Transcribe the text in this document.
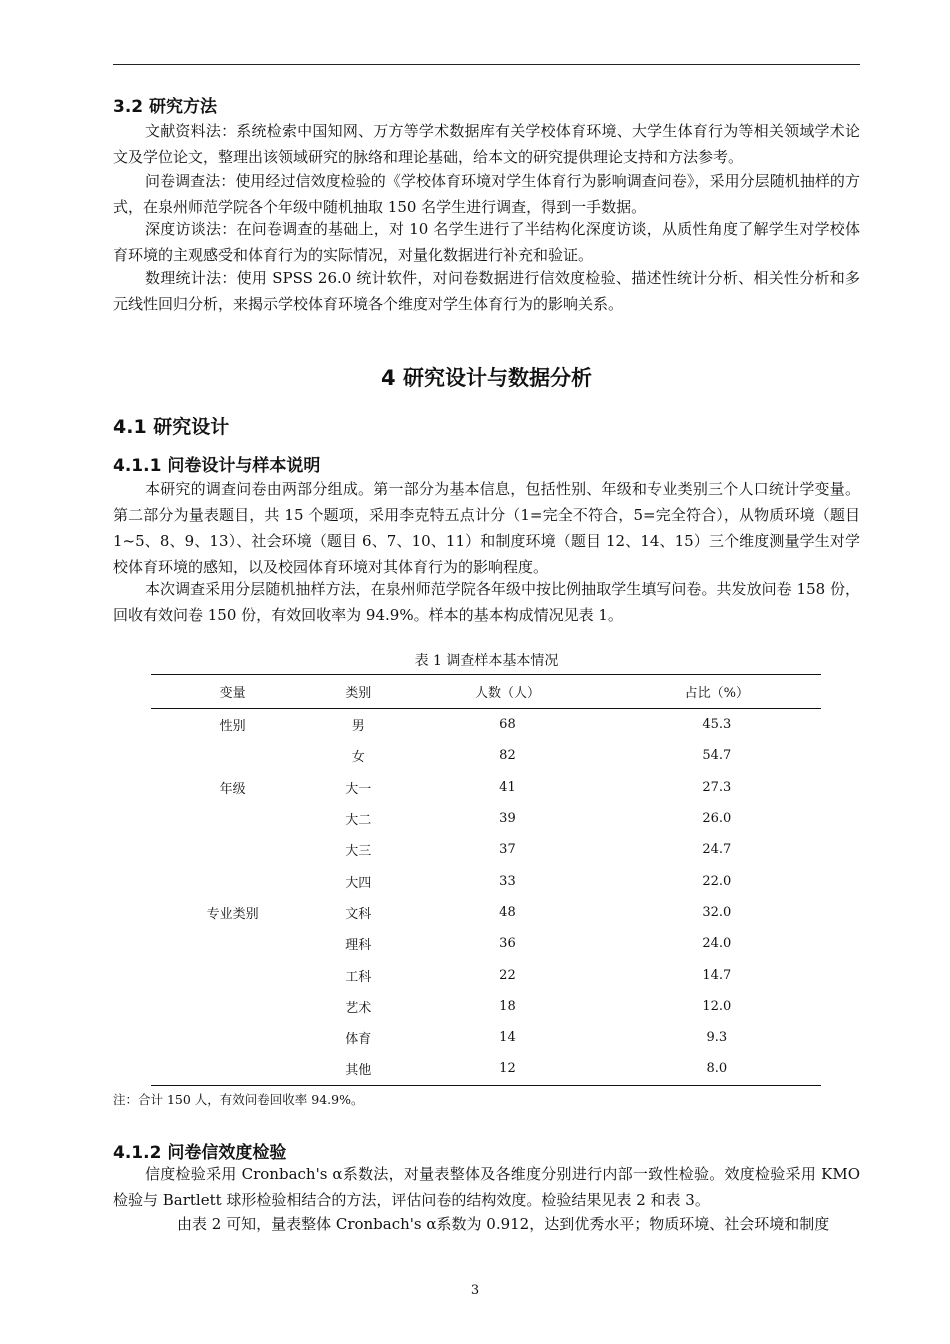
3.2 研究方法

文献资料法：系统检索中国知网、万方等学术数据库有关学校体育环境、大学生体育行为等相关领域学术论文及学位论文，整理出该领域研究的脉络和理论基础，给本文的研究提供理论支持和方法参考。

问卷调查法：使用经过信效度检验的《学校体育环境对学生体育行为影响调查问卷》，采用分层随机抽样的方式，在泉州师范学院各个年级中随机抽取 150 名学生进行调查，得到一手数据。

深度访谈法：在问卷调查的基础上，对 10 名学生进行了半结构化深度访谈，从质性角度了解学生对学校体育环境的主观感受和体育行为的实际情况，对量化数据进行补充和验证。

数理统计法：使用 SPSS 26.0 统计软件，对问卷数据进行信效度检验、描述性统计分析、相关性分析和多元线性回归分析，来揭示学校体育环境各个维度对学生体育行为的影响关系。

4 研究设计与数据分析
4.1 研究设计
4.1.1 问卷设计与样本说明

本研究的调查问卷由两部分组成。第一部分为基本信息，包括性别、年级和专业类别三个人口统计学变量。第二部分为量表题目，共 15 个题项，采用李克特五点计分（1=完全不符合，5=完全符合），从物质环境（题目 1~5、8、9、13）、社会环境（题目 6、7、10、11）和制度环境（题目 12、14、15）三个维度测量学生对学校体育环境的感知，以及校园体育环境对其体育行为的影响程度。

本次调查采用分层随机抽样方法，在泉州师范学院各年级中按比例抽取学生填写问卷。共发放问卷 158 份，回收有效问卷 150 份，有效回收率为 94.9%。样本的基本构成情况见表 1。

表 1 调查样本基本情况
变量	类别	人数（人）	占比（%）
性别	男	68	45.3
	女	82	54.7
年级	大一	41	27.3
	大二	39	26.0
	大三	37	24.7
	大四	33	22.0
专业类别	文科	48	32.0
	理科	36	24.0
	工科	22	14.7
	艺术	18	12.0
	体育	14	9.3
	其他	12	8.0
注：合计 150 人，有效问卷回收率 94.9%。
4.1.2 问卷信效度检验

信度检验采用 Cronbach's α系数法，对量表整体及各维度分别进行内部一致性检验。效度检验采用 KMO 检验与 Bartlett 球形检验相结合的方法，评估问卷的结构效度。检验结果见表 2 和表 3。

由表 2 可知，量表整体 Cronbach's α系数为 0.912，达到优秀水平；物质环境、社会环境和制度

3
